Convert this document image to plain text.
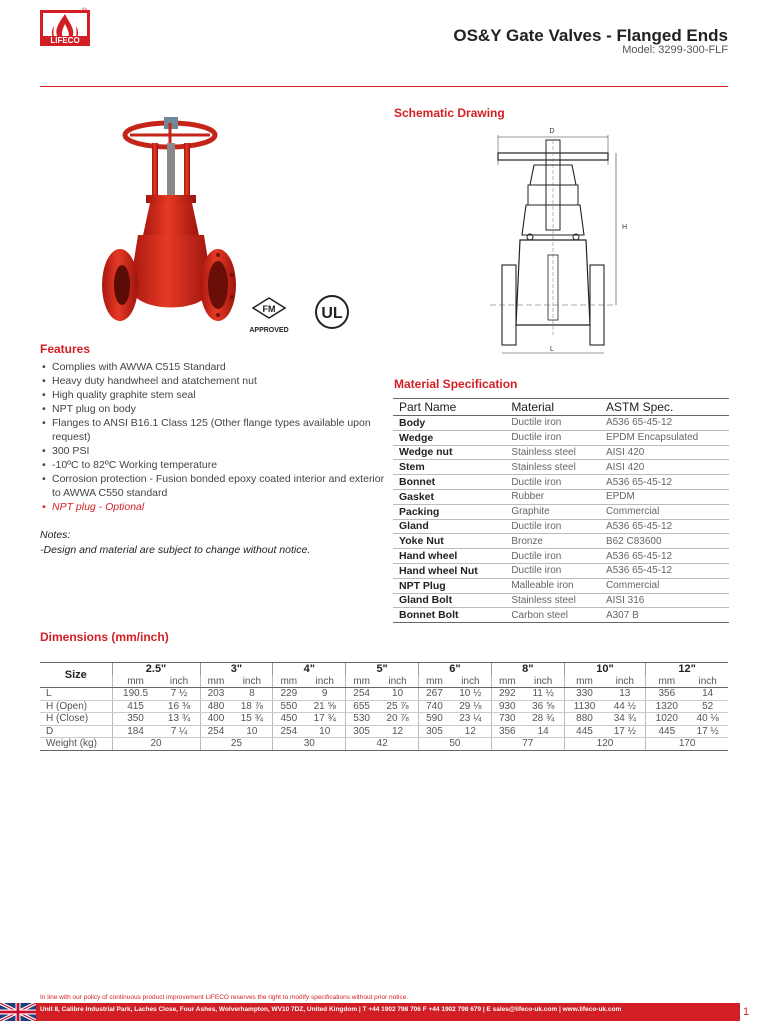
LIFECO
®
OS&Y Gate Valves - Flanged Ends
Model: 3299-300-FLF
FM
APPROVED
UL
Features
• Complies with AWWA C515 Standard
• Heavy duty handwheel and atatchement nut
• High quality graphite stem seal
• NPT plug on body
• Flanges to ANSI B16.1 Class 125 (Other flange types available upon request)
• 300 PSI
• -10ºC to 82ºC Working temperature
• Corrosion protection - Fusion bonded epoxy coated interior and exterior to AWWA C550 standard
• NPT plug - Optional
Notes:
-Design and material are subject to change without notice.
Schematic Drawing
D
H
L
Material Specification
Part Name	Material	ASTM Spec.
Body	Ductile iron	A536 65-45-12
Wedge	Ductile iron	EPDM Encapsulated
Wedge nut	Stainless steel	AISI 420
Stem	Stainless steel	AISI 420
Bonnet	Ductile iron	A536 65-45-12
Gasket	Rubber	EPDM
Packing	Graphite	Commercial
Gland	Ductile iron	A536 65-45-12
Yoke Nut	Bronze	B62 C83600
Hand wheel	Ductile iron	A536 65-45-12
Hand wheel Nut	Ductile iron	A536 65-45-12
NPT Plug	Malleable iron	Commercial
Gland Bolt	Stainless steel	AISI 316
Bonnet Bolt	Carbon steel	A307 B
Dimensions (mm/inch)
Size	2.5"		3"		4"		5"		6"		8"		10"		12"	
	mm	inch	mm	inch	mm	inch	mm	inch	mm	inch	mm	inch	mm	inch	mm	inch
L	190.5	7 ½	203	8	229	9	254	10	267	10 ½	292	11 ½	330	13	356	14
H (Open)	415	16 ⅜	480	18 ⅞	550	21 ⅝	655	25 ⅞	740	29 ⅛	930	36 ⅝	1130	44 ½	1320	52
H (Close)	350	13 ¾	400	15 ¾	450	17 ¾	530	20 ⅞	590	23 ¼	730	28 ¾	880	34 ¾	1020	40 ⅛
D	184	7 ¼	254	10	254	10	305	12	305	12	356	14	445	17 ½	445	17 ½
Weight (kg)	20		25		30		42		50		77		120		170	
In line with our policy of continuous product improvement LIFECO reserves the right to modify specifications without prior notice.
Unit 8, Calibre Industrial Park, Laches Close, Four Ashes, Wolverhampton, WV10 7DZ, United Kingdom | T +44 1902 798 706 F +44 1902 798 679 | E sales@lifeco-uk.com | www.lifeco-uk.com	1
